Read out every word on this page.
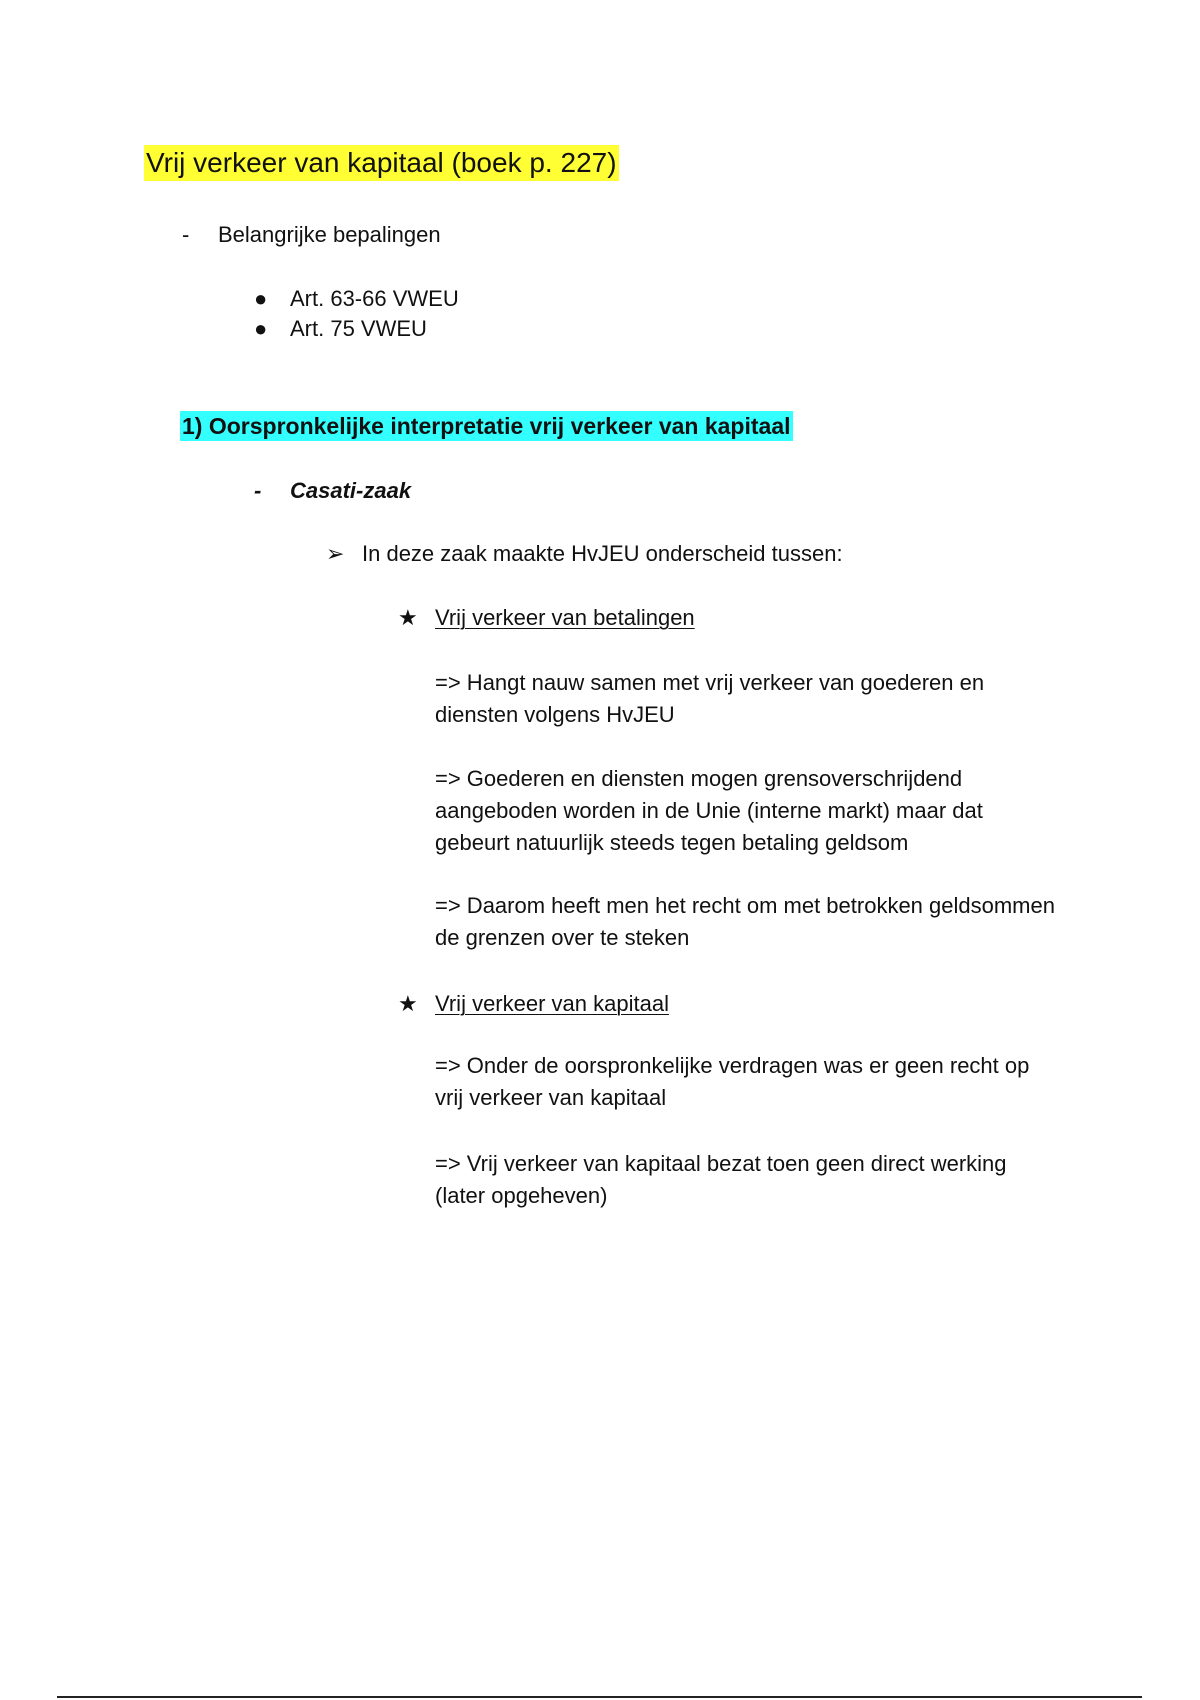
Vrij verkeer van kapitaal (boek p. 227)
- Belangrijke bepalingen
● Art. 63-66 VWEU
● Art. 75 VWEU
1) Oorspronkelijke interpretatie vrij verkeer van kapitaal
- Casati-zaak
➢ In deze zaak maakte HvJEU onderscheid tussen:
★ Vrij verkeer van betalingen
=> Hangt nauw samen met vrij verkeer van goederen en diensten volgens HvJEU
=> Goederen en diensten mogen grensoverschrijdend aangeboden worden in de Unie (interne markt) maar dat gebeurt natuurlijk steeds tegen betaling geldsom
=> Daarom heeft men het recht om met betrokken geldsommen de grenzen over te steken
★ Vrij verkeer van kapitaal
=> Onder de oorspronkelijke verdragen was er geen recht op vrij verkeer van kapitaal
=> Vrij verkeer van kapitaal bezat toen geen direct werking (later opgeheven)
